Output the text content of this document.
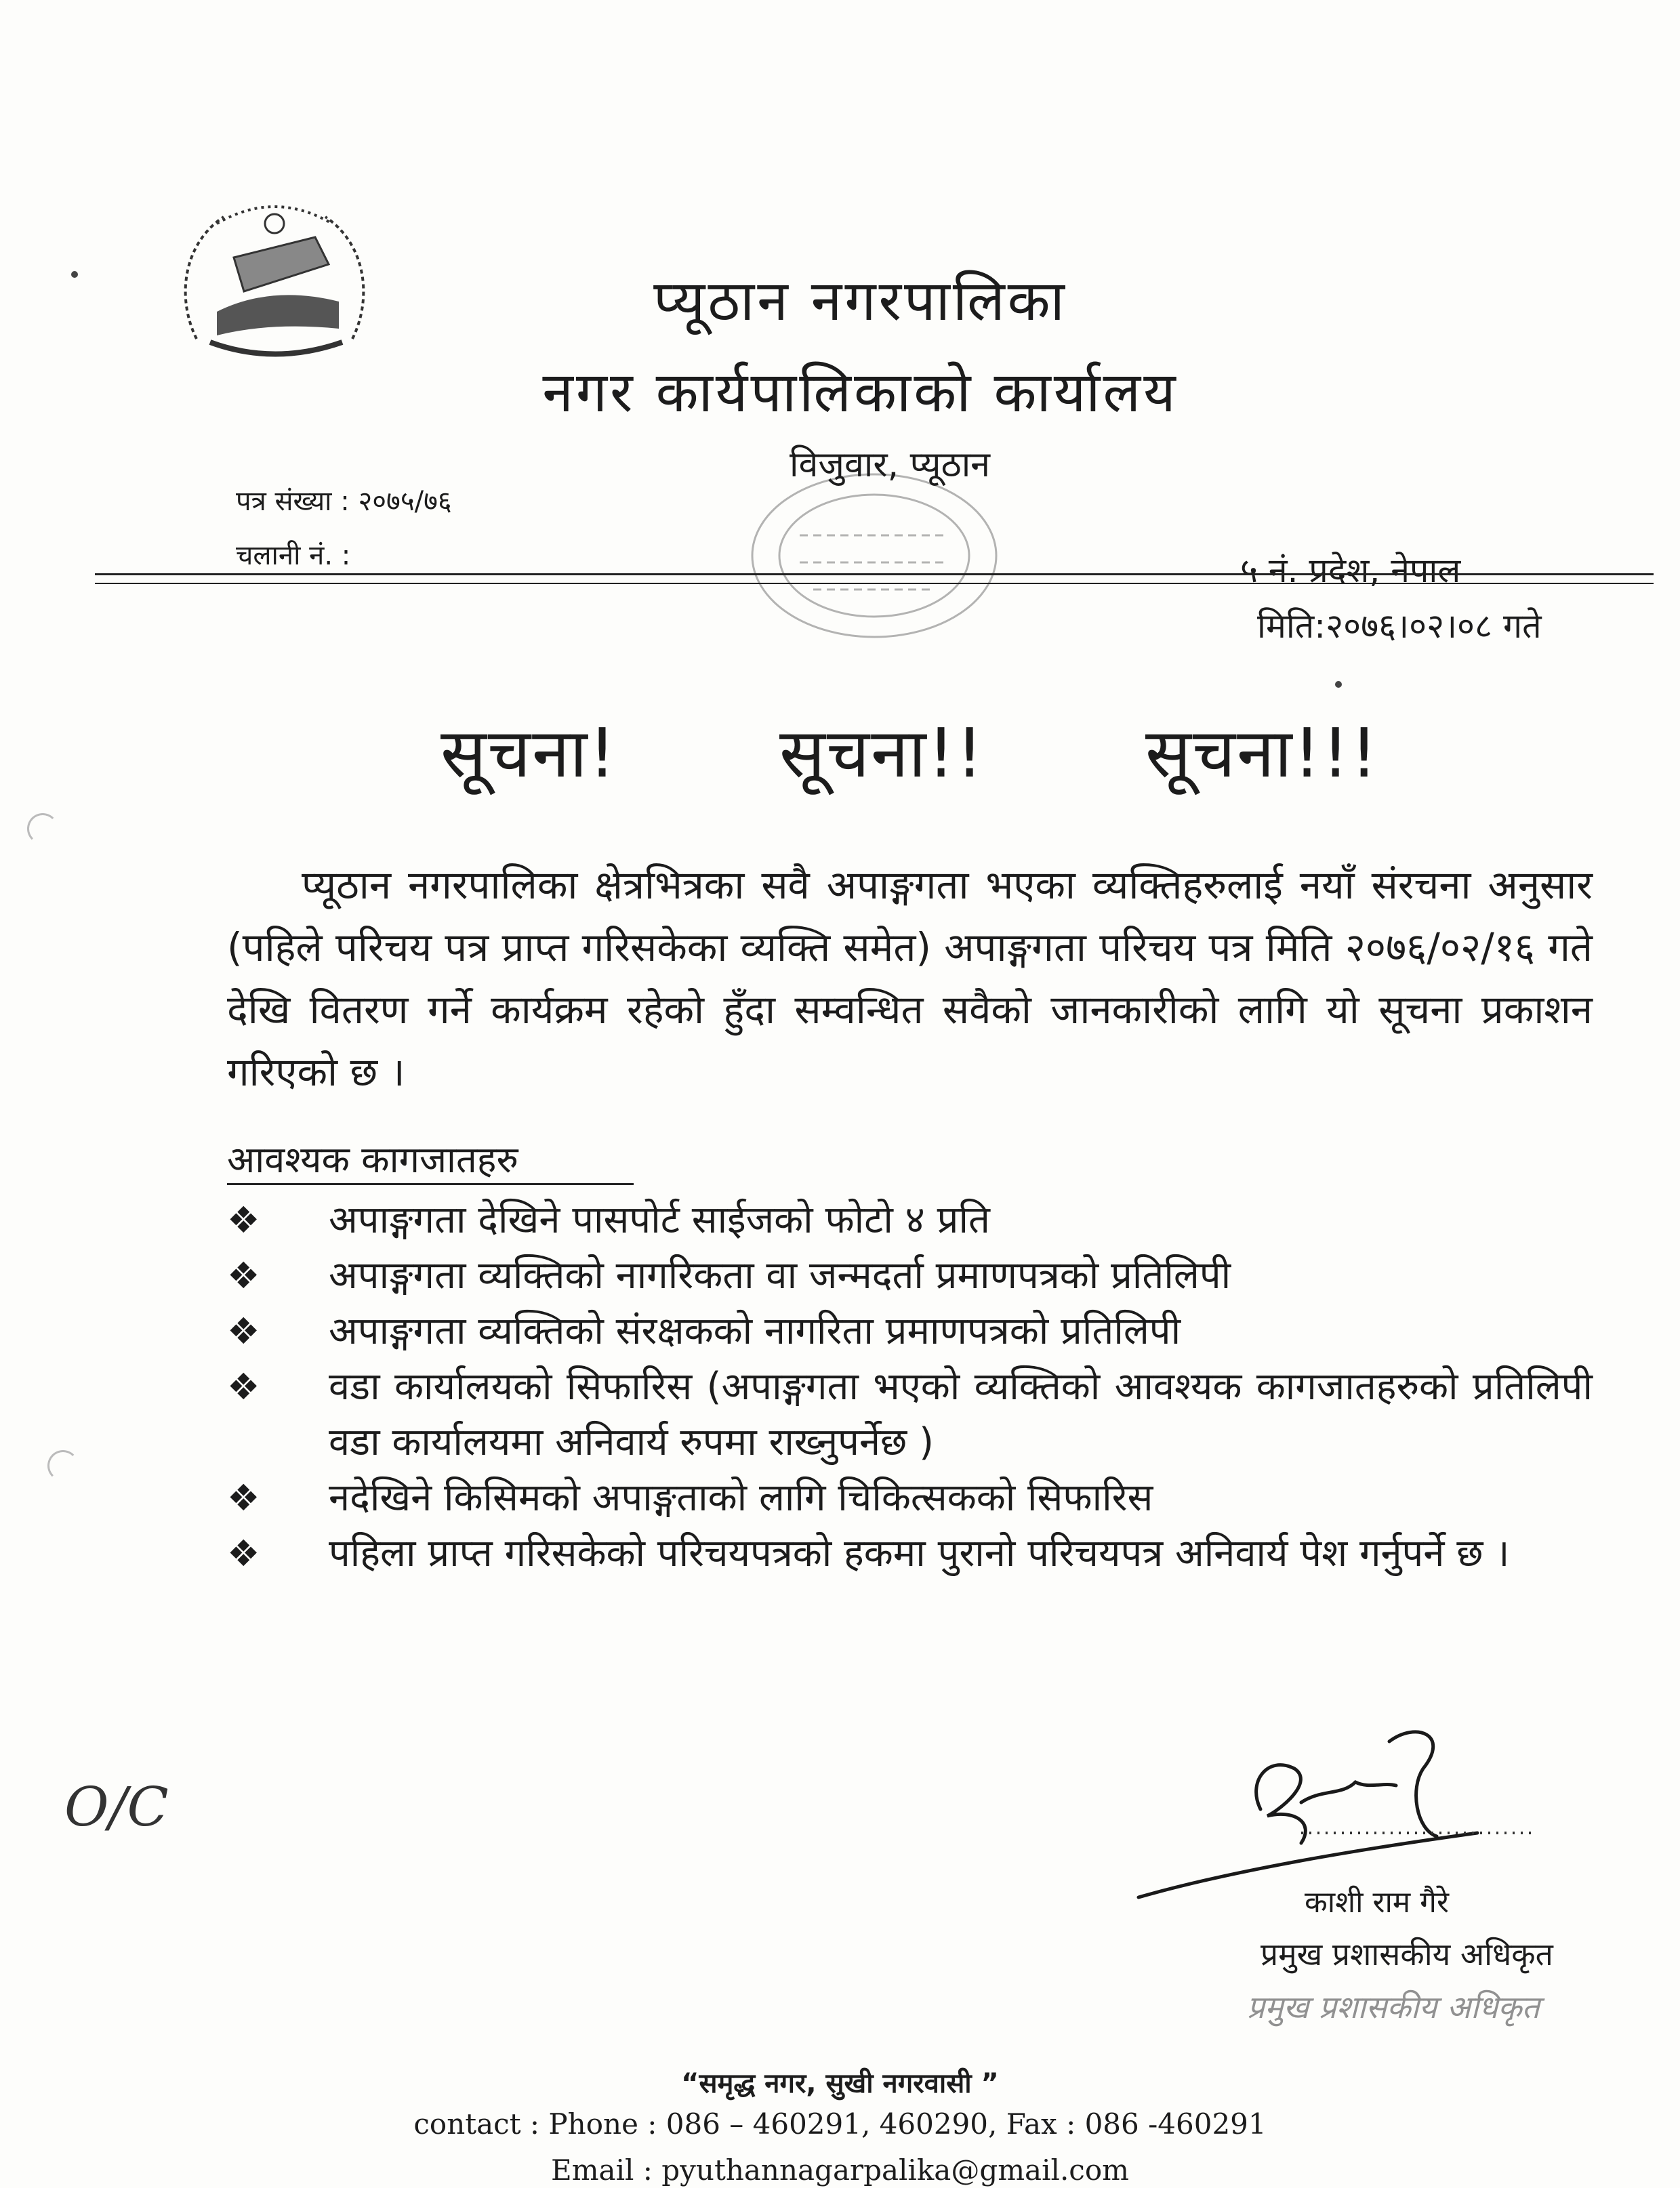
प्यूठान नगरपालिका
नगर कार्यपालिकाको कार्यालय
विजुवार, प्यूठान
पत्र संख्या : २०७५/७६
चलानी नं. :	५ नं. प्रदेश, नेपाल
मिति:२०७६।०२।०८ गते
सूचना! सूचना!! सूचना!!!
प्यूठान नगरपालिका क्षेत्रभित्रका सवै अपाङ्गगता भएका व्यक्तिहरुलाई नयाँ संरचना अनुसार (पहिले परिचय पत्र प्राप्त गरिसकेका व्यक्ति समेत) अपाङ्गगता परिचय पत्र मिति २०७६/०२/१६ गते देखि वितरण गर्ने कार्यक्रम रहेको हुँदा सम्वन्धित सवैको जानकारीको लागि यो सूचना प्रकाशन गरिएको छ ।
आवश्यक कागजातहरु
❖	अपाङ्गगता देखिने पासपोर्ट साईजको फोटो ४ प्रति
❖	अपाङ्गगता व्यक्तिको नागरिकता वा जन्मदर्ता प्रमाणपत्रको प्रतिलिपी
❖	अपाङ्गगता व्यक्तिको संरक्षकको नागरिता प्रमाणपत्रको प्रतिलिपी
❖	वडा कार्यालयको सिफारिस (अपाङ्गगता भएको व्यक्तिको आवश्यक कागजातहरुको प्रतिलिपी वडा कार्यालयमा अनिवार्य रुपमा राख्नुपर्नेछ )
❖	नदेखिने किसिमको अपाङ्गताको लागि चिकित्सकको सिफारिस
❖	पहिला प्राप्त गरिसकेको परिचयपत्रको हकमा पुरानो परिचयपत्र अनिवार्य पेश गर्नुपर्ने छ ।
O/C
काशी राम गैरे
प्रमुख प्रशासकीय अधिकृत
प्रमुख प्रशासकीय अधिकृत
“समृद्ध नगर, सुखी नगरवासी ”
contact : Phone : 086 – 460291, 460290, Fax : 086 -460291
Email : pyuthannagarpalika@gmail.com
